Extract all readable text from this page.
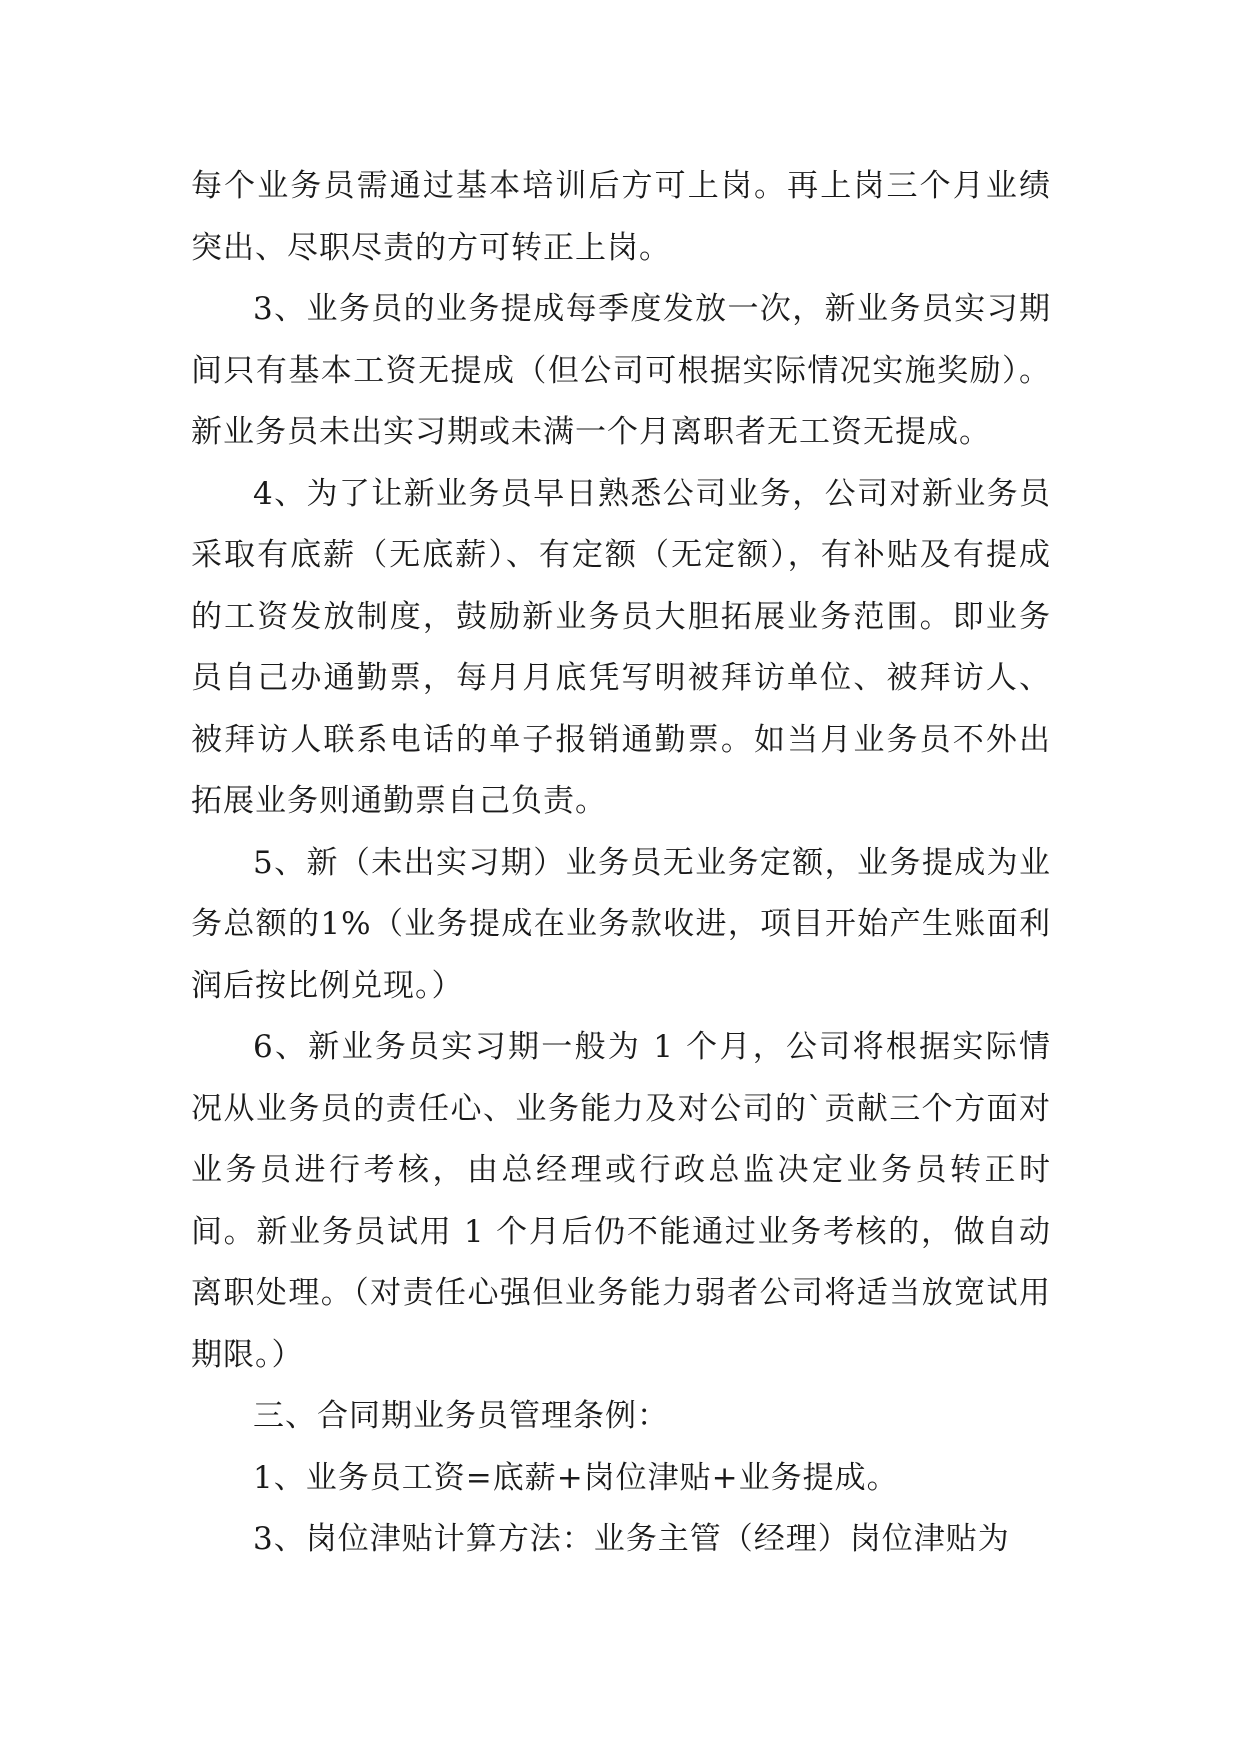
每个业务员需通过基本培训后方可上岗。再上岗三个月业绩突出、尽职尽责的方可转正上岗。

3、业务员的业务提成每季度发放一次，新业务员实习期间只有基本工资无提成（但公司可根据实际情况实施奖励）。新业务员未出实习期或未满一个月离职者无工资无提成。

4、为了让新业务员早日熟悉公司业务，公司对新业务员采取有底薪（无底薪）、有定额（无定额），有补贴及有提成的工资发放制度，鼓励新业务员大胆拓展业务范围。即业务员自己办通勤票，每月月底凭写明被拜访单位、被拜访人、被拜访人联系电话的单子报销通勤票。如当月业务员不外出拓展业务则通勤票自己负责。

5、新（未出实习期）业务员无业务定额，业务提成为业务总额的1%（业务提成在业务款收进，项目开始产生账面利润后按比例兑现。）

6、新业务员实习期一般为 1 个月，公司将根据实际情况从业务员的责任心、业务能力及对公司的`贡献三个方面对业务员进行考核，由总经理或行政总监决定业务员转正时间。新业务员试用 1 个月后仍不能通过业务考核的，做自动离职处理。（对责任心强但业务能力弱者公司将适当放宽试用期限。）

三、合同期业务员管理条例：

1、业务员工资=底薪+岗位津贴+业务提成。

3、岗位津贴计算方法：业务主管（经理）岗位津贴为
